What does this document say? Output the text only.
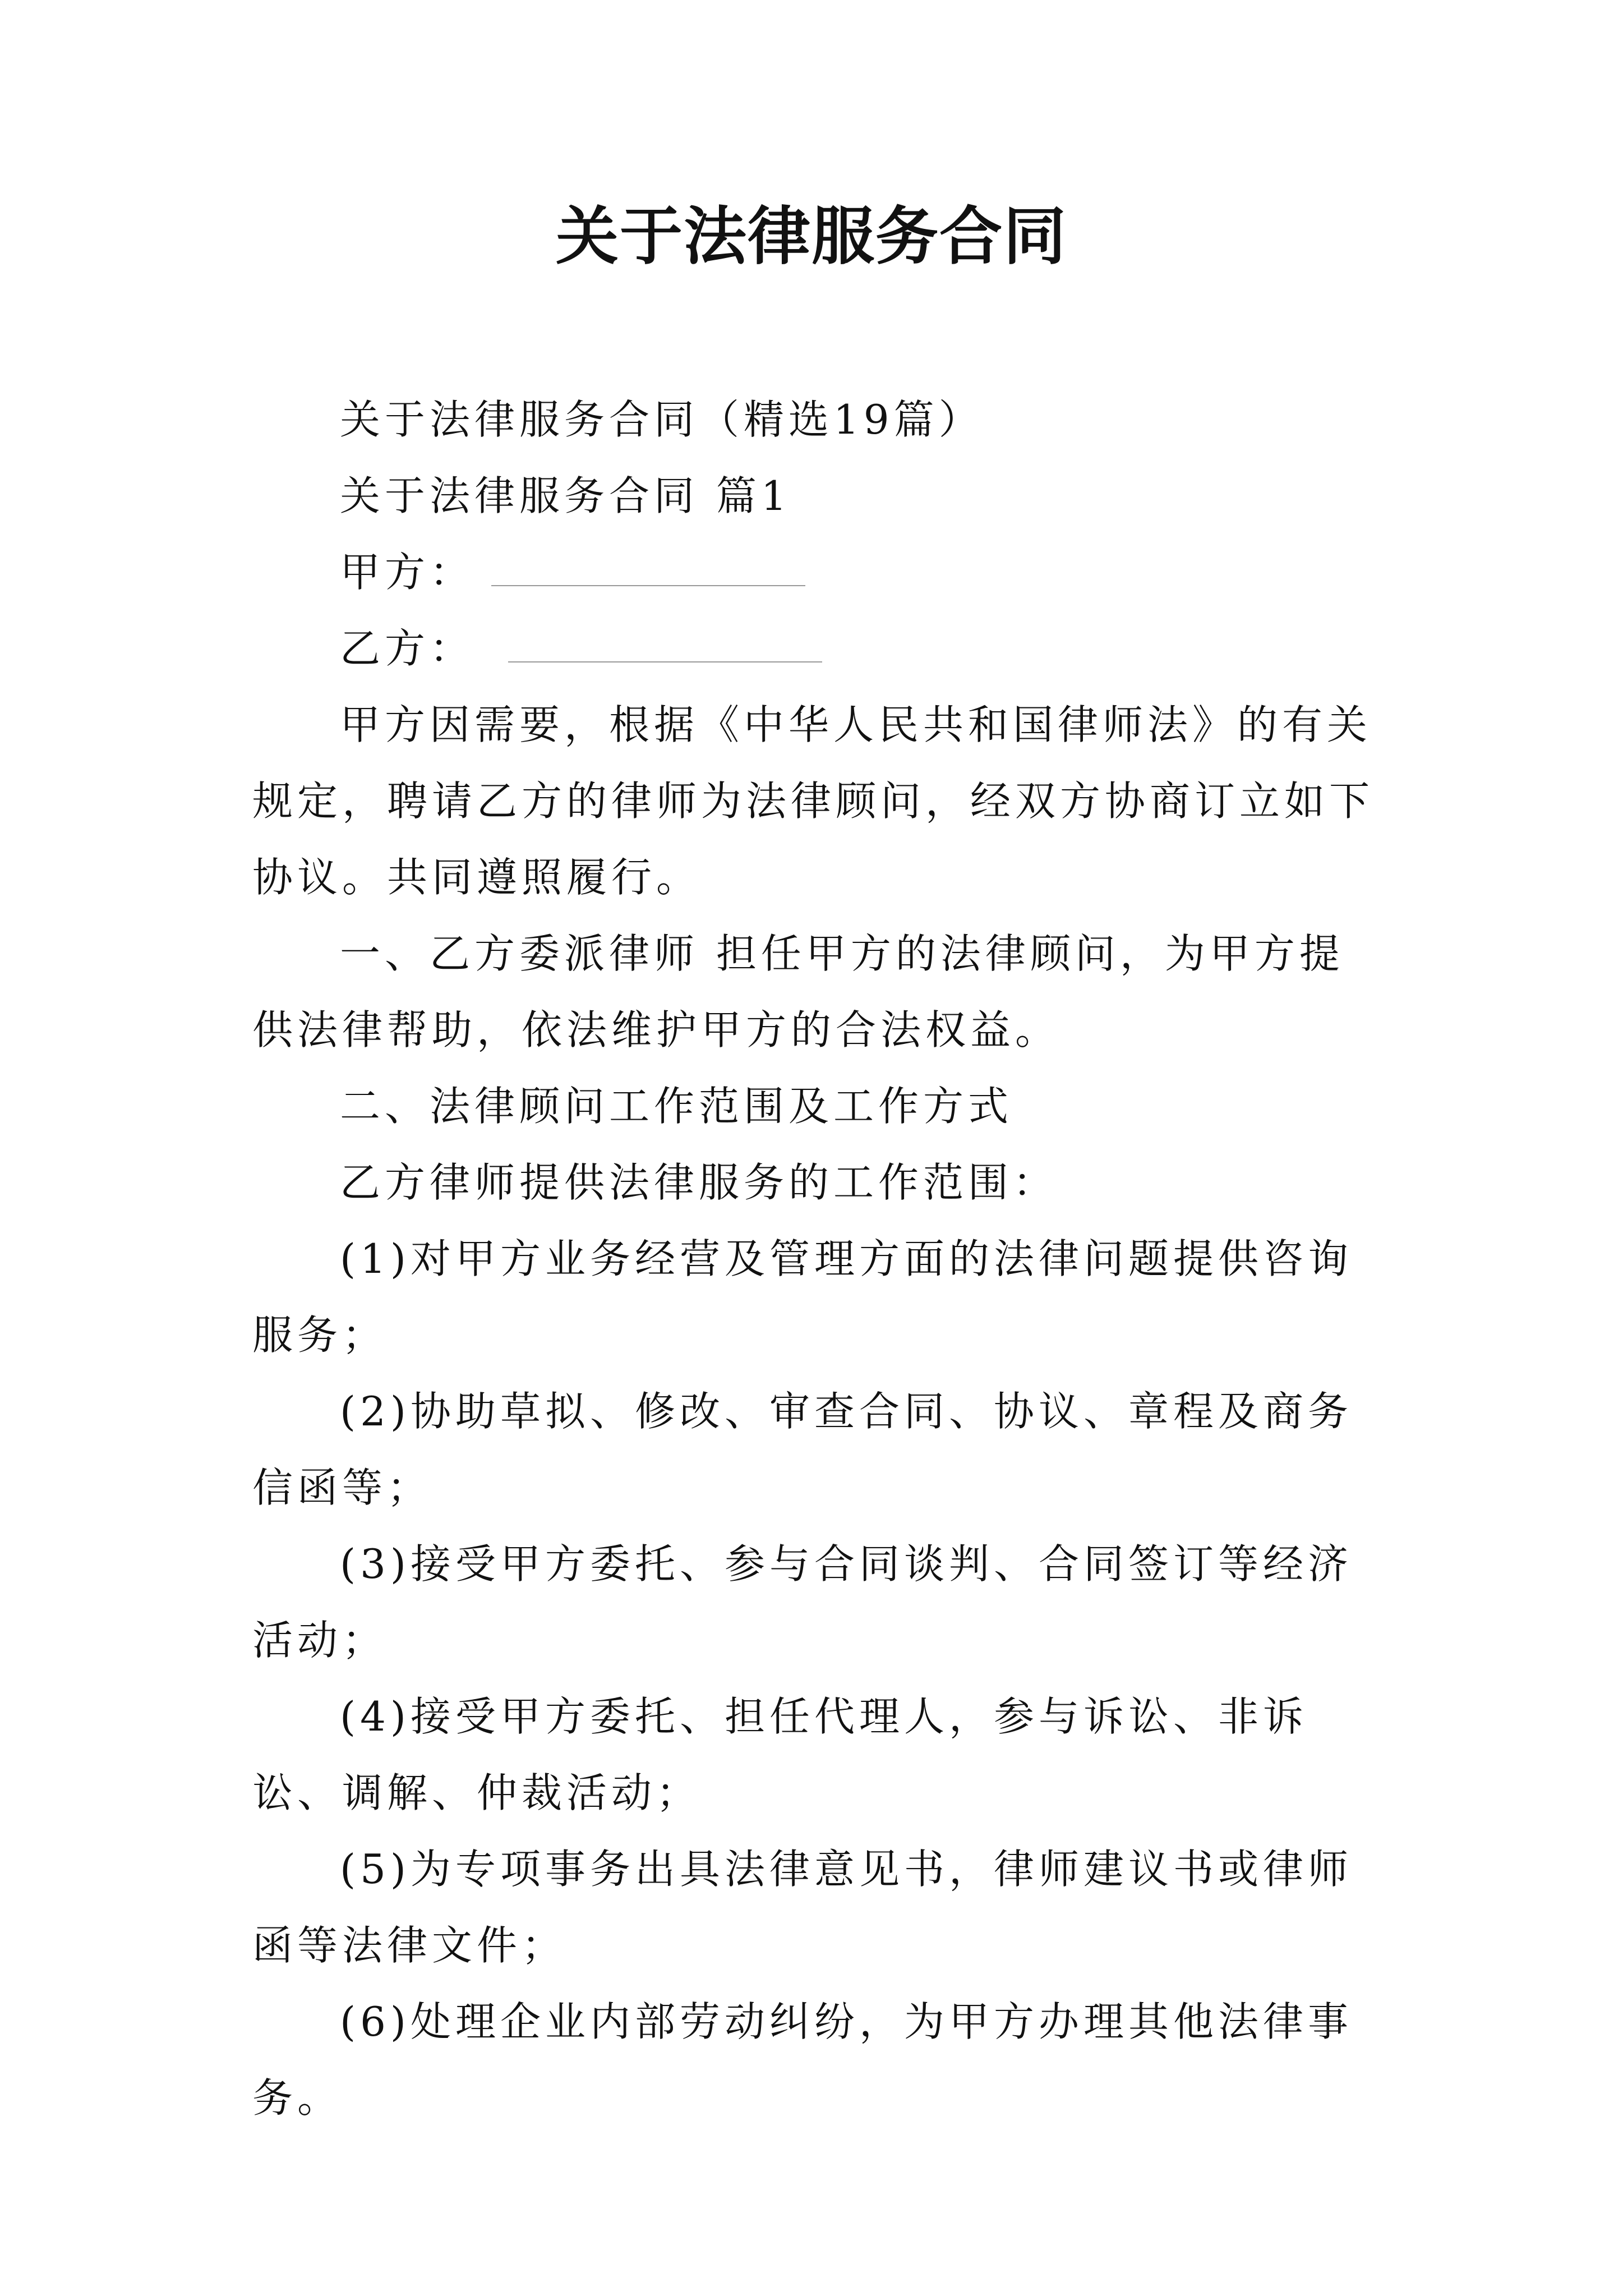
关于法律服务合同

关于法律服务合同（精选19篇）

关于法律服务合同 篇1

甲方：

乙方：

甲方因需要，根据《中华人民共和国律师法》的有关规定，聘请乙方的律师为法律顾问，经双方协商订立如下协议。共同遵照履行。

一、乙方委派律师 担任甲方的法律顾问，为甲方提供法律帮助，依法维护甲方的合法权益。

二、法律顾问工作范围及工作方式

乙方律师提供法律服务的工作范围：

(1)对甲方业务经营及管理方面的法律问题提供咨询服务；

(2)协助草拟、修改、审查合同、协议、章程及商务信函等；

(3)接受甲方委托、参与合同谈判、合同签订等经济活动；

(4)接受甲方委托、担任代理人，参与诉讼、非诉讼、调解、仲裁活动；

(5)为专项事务出具法律意见书，律师建议书或律师函等法律文件；

(6)处理企业内部劳动纠纷，为甲方办理其他法律事务。
